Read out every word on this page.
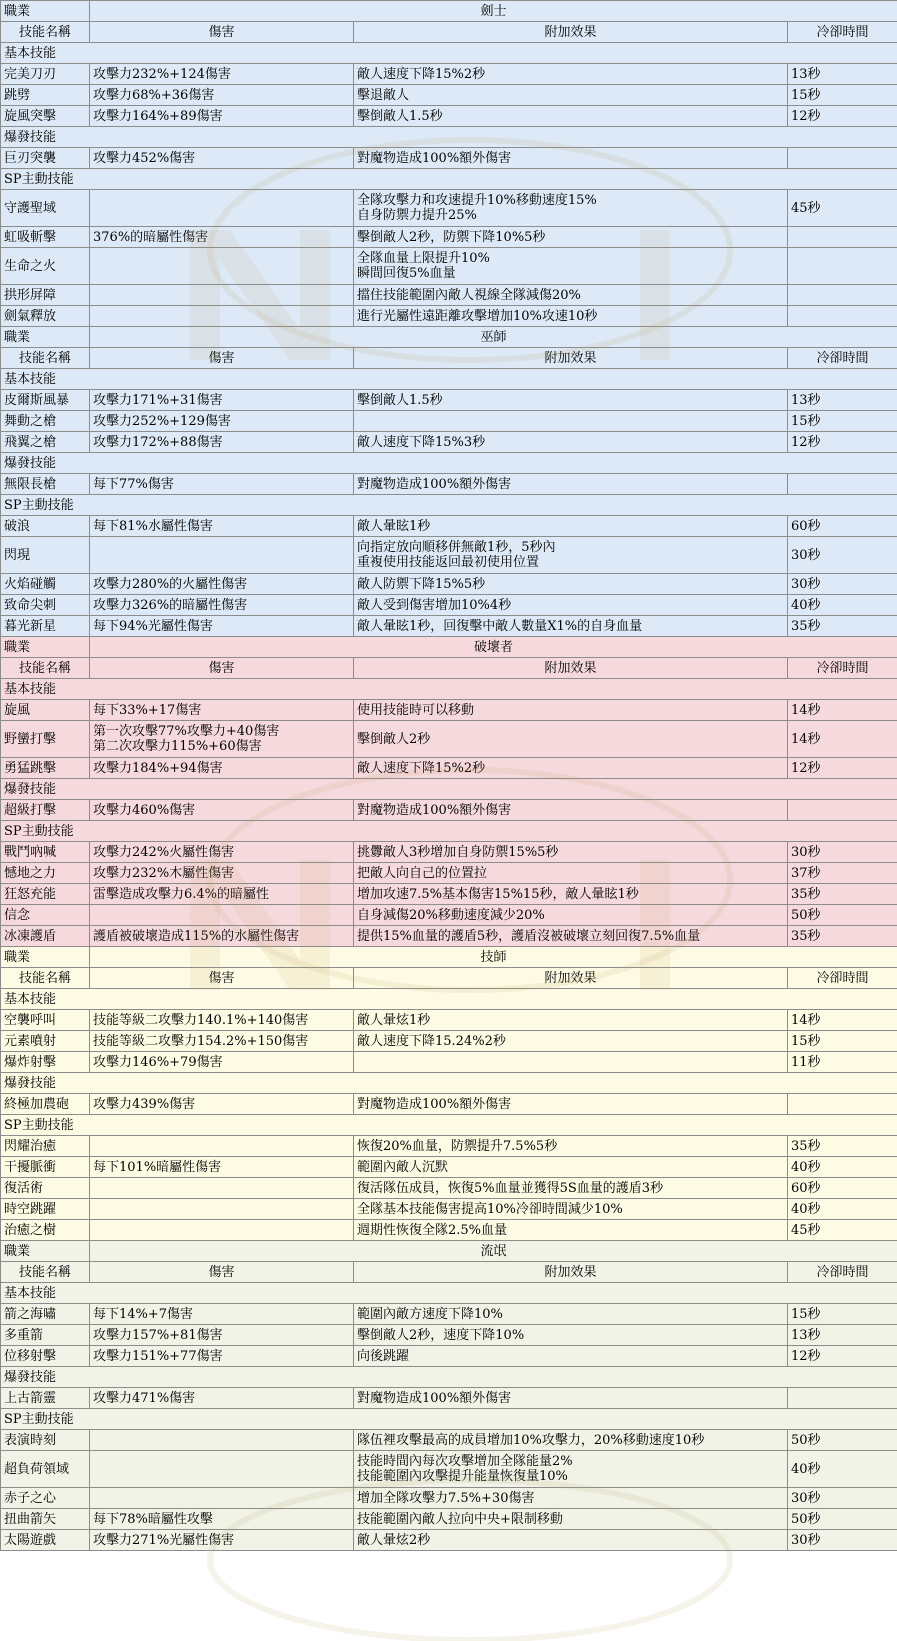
職業	劍士		

技能名稱	傷害	附加效果	冷卻時間

基本技能			

完美刀刃	攻擊力232%+124傷害	敵人速度下降15%2秒	13秒

跳劈	攻擊力68%+36傷害	擊退敵人	15秒

旋風突擊	攻擊力164%+89傷害	擊倒敵人1.5秒	12秒

爆發技能			

巨刃突襲	攻擊力452%傷害	對魔物造成100%額外傷害	

SP主動技能			

守護聖域		全隊攻擊力和攻速提升10%移動速度15%
自身防禦力提升25%	45秒

虹吸斬擊	376%的暗屬性傷害	擊倒敵人2秒，防禦下降10%5秒	

生命之火		全隊血量上限提升10%
瞬間回復5%血量	

拱形屏障		擋住技能範圍內敵人視線全隊減傷20%	

劍氣釋放		進行光屬性遠距離攻擊增加10%攻速10秒	

職業	巫師		

技能名稱	傷害	附加效果	冷卻時間

基本技能			

皮爾斯風暴	攻擊力171%+31傷害	擊倒敵人1.5秒	13秒

舞動之槍	攻擊力252%+129傷害		15秒

飛翼之槍	攻擊力172%+88傷害	敵人速度下降15%3秒	12秒

爆發技能			

無限長槍	每下77%傷害	對魔物造成100%額外傷害	

SP主動技能			

破浪	每下81%水屬性傷害	敵人暈眩1秒	60秒

閃現		向指定放向順移併無敵1秒，5秒內
重複使用技能返回最初使用位置	30秒

火焰碰觸	攻擊力280%的火屬性傷害	敵人防禦下降15%5秒	30秒

致命尖刺	攻擊力326%的暗屬性傷害	敵人受到傷害增加10%4秒	40秒

暮光新星	每下94%光屬性傷害	敵人暈眩1秒，回復擊中敵人數量X1%的自身血量	35秒

職業	破壞者		

技能名稱	傷害	附加效果	冷卻時間

基本技能			

旋風	每下33%+17傷害	使用技能時可以移動	14秒

野蠻打擊	第一次攻擊77%攻擊力+40傷害
第二次攻擊力115%+60傷害	擊倒敵人2秒	14秒

勇猛跳擊	攻擊力184%+94傷害	敵人速度下降15%2秒	12秒

爆發技能			

超級打擊	攻擊力460%傷害	對魔物造成100%額外傷害	

SP主動技能			

戰鬥吶喊	攻擊力242%火屬性傷害	挑釁敵人3秒增加自身防禦15%5秒	30秒

憾地之力	攻擊力232%木屬性傷害	把敵人向自己的位置拉	37秒

狂怒充能	雷擊造成攻擊力6.4%的暗屬性	增加攻速7.5%基本傷害15%15秒，敵人暈眩1秒	35秒

信念		自身減傷20%移動速度減少20%	50秒

冰凍護盾	護盾被破壞造成115%的水屬性傷害	提供15%血量的護盾5秒，護盾沒被破壞立刻回復7.5%血量	35秒

職業	技師		

技能名稱	傷害	附加效果	冷卻時間

基本技能			

空襲呼叫	技能等級二攻擊力140.1%+140傷害	敵人暈炫1秒	14秒

元素噴射	技能等級二攻擊力154.2%+150傷害	敵人速度下降15.24%2秒	15秒

爆炸射擊	攻擊力146%+79傷害		11秒

爆發技能			

終極加農砲	攻擊力439%傷害	對魔物造成100%額外傷害	

SP主動技能			

閃耀治癒		恢復20%血量，防禦提升7.5%5秒	35秒

干擾脈衝	每下101%暗屬性傷害	範圍內敵人沉默	40秒

復活術		復活隊伍成員，恢復5%血量並獲得5S血量的護盾3秒	60秒

時空跳躍		全隊基本技能傷害提高10%冷卻時間減少10%	40秒

治癒之樹		週期性恢復全隊2.5%血量	45秒

職業	流氓		

技能名稱	傷害	附加效果	冷卻時間

基本技能			

箭之海嘯	每下14%+7傷害	範圍內敵方速度下降10%	15秒

多重箭	攻擊力157%+81傷害	擊倒敵人2秒，速度下降10%	13秒

位移射擊	攻擊力151%+77傷害	向後跳躍	12秒

爆發技能			

上古箭靈	攻擊力471%傷害	對魔物造成100%額外傷害	

SP主動技能			

表演時刻		隊伍裡攻擊最高的成員增加10%攻擊力，20%移動速度10秒	50秒

超負荷領域		技能時間內每次攻擊增加全隊能量2%
技能範圍內攻擊提升能量恢復量10%	40秒

赤子之心		增加全隊攻擊力7.5%+30傷害	30秒

扭曲箭矢	每下78%暗屬性攻擊	技能範圍內敵人拉向中央+限制移動	50秒

太陽遊戲	攻擊力271%光屬性傷害	敵人暈炫2秒	30秒
